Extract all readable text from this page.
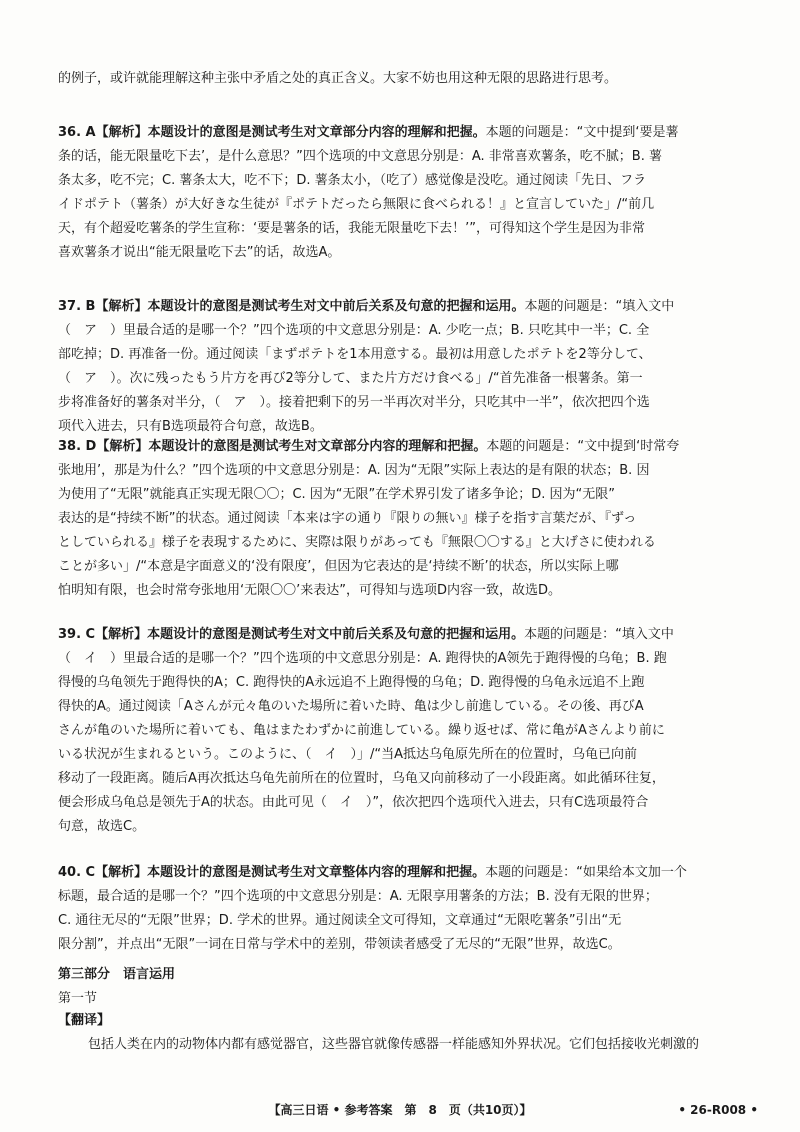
的例子，或许就能理解这种主张中矛盾之处的真正含义。大家不妨也用这种无限的思路进行思考。
36. A【解析】本题设计的意图是测试考生对文章部分内容的理解和把握。本题的问题是：“文中提到‘要是薯
条的话，能无限量吃下去’，是什么意思？”四个选项的中文意思分别是：A. 非常喜欢薯条，吃不腻；B. 薯
条太多，吃不完；C. 薯条太大，吃不下；D. 薯条太小，（吃了）感觉像是没吃。通过阅读「先日、フラ
イドポテト（薯条）が大好きな生徒が『ポテトだったら無限に食べられる！』と宣言していた」/“前几
天，有个超爱吃薯条的学生宣称：‘要是薯条的话，我能无限量吃下去！’”，可得知这个学生是因为非常
喜欢薯条才说出“能无限量吃下去”的话，故选A。
37. B【解析】本题设计的意图是测试考生对文中前后关系及句意的把握和运用。本题的问题是：“填入文中
（　ア　）里最合适的是哪一个？”四个选项的中文意思分别是：A. 少吃一点；B. 只吃其中一半；C. 全
部吃掉；D. 再准备一份。通过阅读「まずポテトを1本用意する。最初は用意したポテトを2等分して、
（　ア　）。次に残ったもう片方を再び2等分して、また片方だけ食べる」/“首先准备一根薯条。第一
步将准备好的薯条对半分，（　ア　）。接着把剩下的另一半再次对半分，只吃其中一半”，依次把四个选
项代入进去，只有B选项最符合句意，故选B。
38. D【解析】本题设计的意图是测试考生对文章部分内容的理解和把握。本题的问题是：“文中提到‘时常夸
张地用’，那是为什么？”四个选项的中文意思分别是：A. 因为“无限”实际上表达的是有限的状态；B. 因
为使用了“无限”就能真正实现无限〇〇；C. 因为“无限”在学术界引发了诸多争论；D. 因为“无限”
表达的是“持续不断”的状态。通过阅读「本来は字の通り『限りの無い』様子を指す言葉だが、『ずっ
としていられる』様子を表現するために、実際は限りがあっても『無限〇〇する』と大げさに使われる
ことが多い」/“本意是字面意义的‘没有限度’，但因为它表达的是‘持续不断’的状态，所以实际上哪
怕明知有限，也会时常夸张地用‘无限〇〇’来表达”，可得知与选项D内容一致，故选D。
39. C【解析】本题设计的意图是测试考生对文中前后关系及句意的把握和运用。本题的问题是：“填入文中
（　イ　）里最合适的是哪一个？”四个选项的中文意思分别是：A. 跑得快的A领先于跑得慢的乌龟；B. 跑
得慢的乌龟领先于跑得快的A；C. 跑得快的A永远追不上跑得慢的乌龟；D. 跑得慢的乌龟永远追不上跑
得快的A。通过阅读「Aさんが元々亀のいた場所に着いた時、亀は少し前進している。その後、再びA
さんが亀のいた場所に着いても、亀はまたわずかに前進している。繰り返せば、常に亀がAさんより前に
いる状況が生まれるという。このように、（　イ　）」/“当A抵达乌龟原先所在的位置时，乌龟已向前
移动了一段距离。随后A再次抵达乌龟先前所在的位置时，乌龟又向前移动了一小段距离。如此循环往复，
便会形成乌龟总是领先于A的状态。由此可见（　イ　）”，依次把四个选项代入进去，只有C选项最符合
句意，故选C。
40. C【解析】本题设计的意图是测试考生对文章整体内容的理解和把握。本题的问题是：“如果给本文加一个
标题，最合适的是哪一个？”四个选项的中文意思分别是：A. 无限享用薯条的方法；B. 没有无限的世界；
C. 通往无尽的“无限”世界；D. 学术的世界。通过阅读全文可得知，文章通过“无限吃薯条”引出“无
限分割”，并点出“无限”一词在日常与学术中的差别，带领读者感受了无尽的“无限”世界，故选C。
第三部分　语言运用
第一节
【翻译】
包括人类在内的动物体内都有感觉器官，这些器官就像传感器一样能感知外界状况。它们包括接收光刺激的
【高三日语 • 参考答案　第　8　页（共10页）】	• 26-R008 •
